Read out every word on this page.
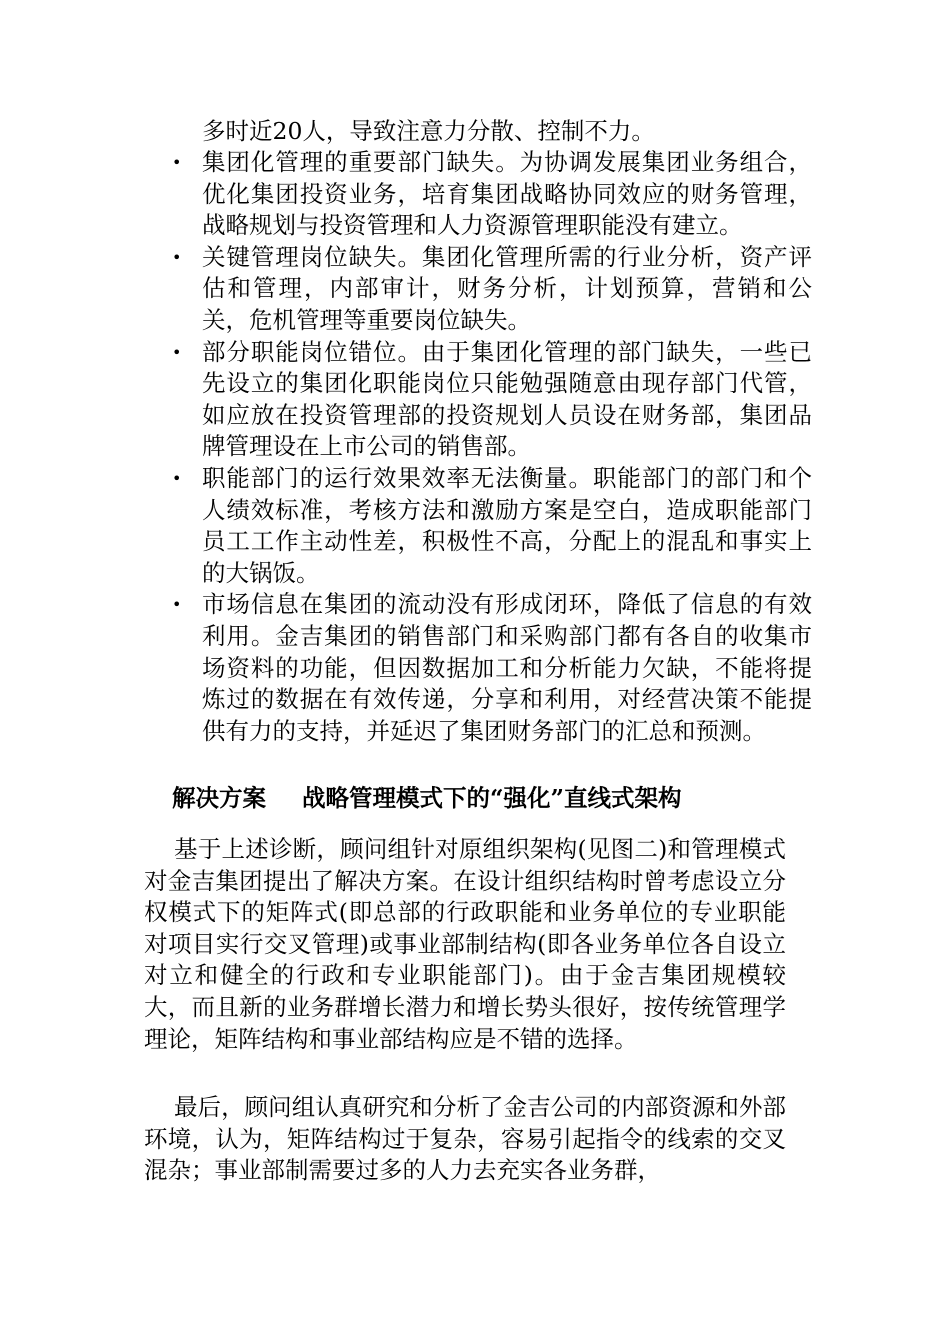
多时近20人，导致注意力分散、控制不力。
• 集团化管理的重要部门缺失。为协调发展集团业务组合，优化集团投资业务，培育集团战略协同效应的财务管理，战略规划与投资管理和人力资源管理职能没有建立。
• 关键管理岗位缺失。集团化管理所需的行业分析，资产评估和管理，内部审计，财务分析，计划预算，营销和公关，危机管理等重要岗位缺失。
• 部分职能岗位错位。由于集团化管理的部门缺失，一些已先设立的集团化职能岗位只能勉强随意由现存部门代管，如应放在投资管理部的投资规划人员设在财务部，集团品牌管理设在上市公司的销售部。
• 职能部门的运行效果效率无法衡量。职能部门的部门和个人绩效标准，考核方法和激励方案是空白，造成职能部门员工工作主动性差，积极性不高，分配上的混乱和事实上的大锅饭。
• 市场信息在集团的流动没有形成闭环，降低了信息的有效利用。金吉集团的销售部门和采购部门都有各自的收集市场资料的功能，但因数据加工和分析能力欠缺，不能将提炼过的数据在有效传递，分享和利用，对经营决策不能提供有力的支持，并延迟了集团财务部门的汇总和预测。
解决方案 战略管理模式下的“强化”直线式架构

基于上述诊断，顾问组针对原组织架构(见图二)和管理模式对金吉集团提出了解决方案。在设计组织结构时曾考虑设立分权模式下的矩阵式(即总部的行政职能和业务单位的专业职能对项目实行交叉管理)或事业部制结构(即各业务单位各自设立对立和健全的行政和专业职能部门)。由于金吉集团规模较大，而且新的业务群增长潜力和增长势头很好，按传统管理学理论，矩阵结构和事业部结构应是不错的选择。

最后，顾问组认真研究和分析了金吉公司的内部资源和外部环境，认为，矩阵结构过于复杂，容易引起指令的线索的交叉混杂；事业部制需要过多的人力去充实各业务群，
